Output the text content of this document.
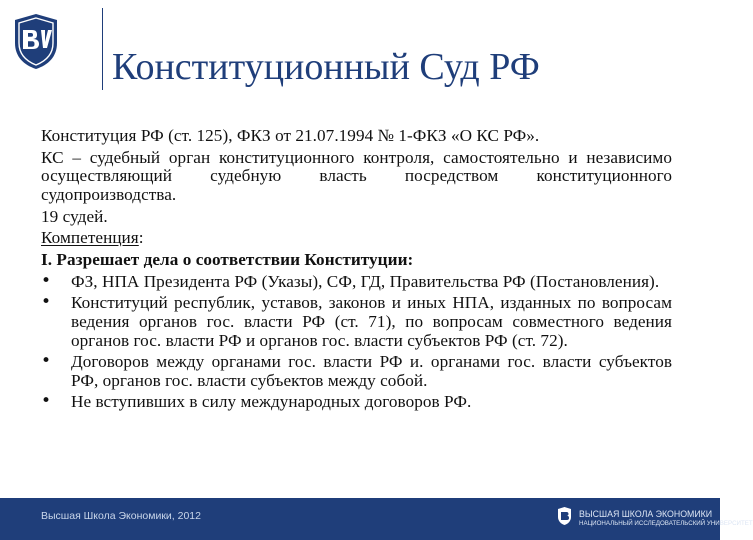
Конституционный Суд РФ

Конституция РФ (ст. 125), ФКЗ от 21.07.1994 № 1-ФКЗ «О КС РФ».

КС – судебный орган конституционного контроля, самостоятельно и независимо осуществляющий судебную власть посредством конституционного судопроизводства.

19 судей.

Компетенция:

I. Разрешает дела о соответствии Конституции:

• ФЗ, НПА Президента РФ (Указы), СФ, ГД, Правительства РФ (Постановления).
• Конституций республик, уставов, законов и иных НПА, изданных по вопросам ведения органов гос. власти РФ (ст. 71), по вопросам совместного ведения органов гос. власти РФ и органов гос. власти субъектов РФ (ст. 72).
• Договоров между органами гос. власти РФ и. органами гос. власти субъектов РФ, органов гос. власти субъектов между собой.
• Не вступивших в силу международных договоров РФ.
Высшая Школа Экономики, 2012	ВЫСШАЯ ШКОЛА ЭКОНОМИКИ
НАЦИОНАЛЬНЫЙ ИССЛЕДОВАТЕЛЬСКИЙ УНИВЕРСИТЕТ
